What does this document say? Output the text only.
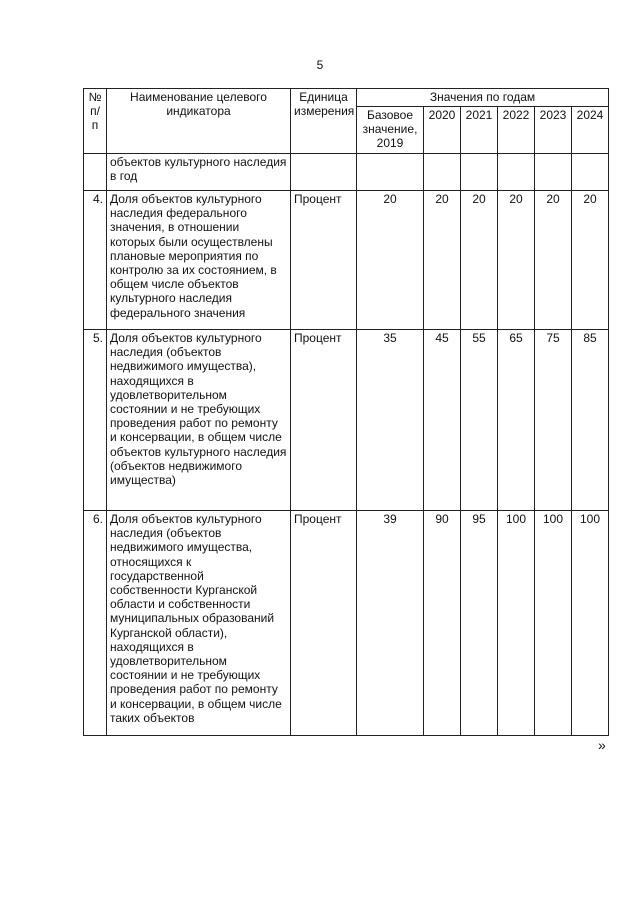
5
№ п/п	Наименование целевого индикатора	Единица измерения	Значения по годам					
			Базовое значение, 2019	2020	2021	2022	2023	2024
	объектов культурного наследия в год							
4.	Доля объектов культурного наследия федерального значения, в отношении которых были осуществлены плановые мероприятия по контролю за их состоянием, в общем числе объектов культурного наследия федерального значения	Процент	20	20	20	20	20	20
5.	Доля объектов культурного наследия (объектов недвижимого имущества), находящихся в удовлетворительном состоянии и не требующих проведения работ по ремонту и консервации, в общем числе объектов культурного наследия (объектов недвижимого имущества)	Процент	35	45	55	65	75	85
6.	Доля объектов культурного наследия (объектов недвижимого имущества, относящихся к государственной собственности Курганской области и собственности муниципальных образований Курганской области), находящихся в удовлетворительном состоянии и не требующих проведения работ по ремонту и консервации, в общем числе таких объектов	Процент	39	90	95	100	100	100
»
